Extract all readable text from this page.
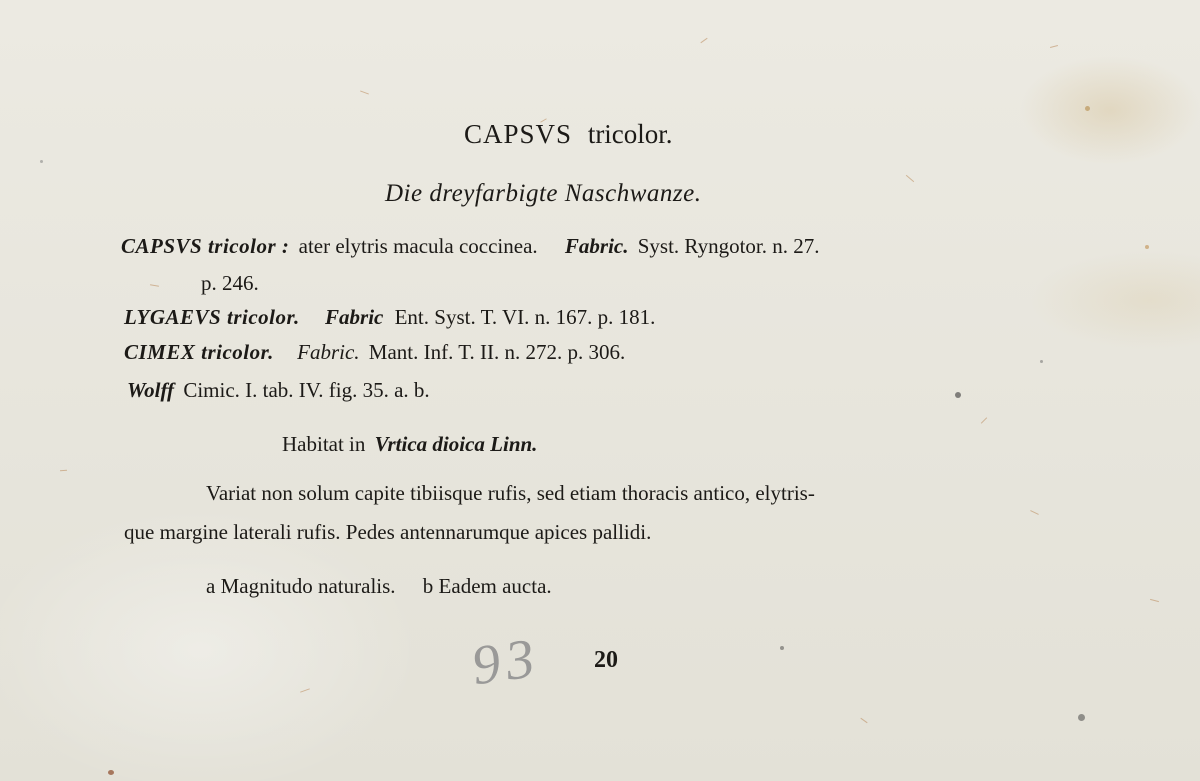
CAPSVS tricolor.
Die dreyfarbigte Naschwanze.
CAPSVS tricolor : ater elytris macula coccinea. Fabric. Syst. Ryngotor. n. 27.
p. 246.
LYGAEVS tricolor. Fabric Ent. Syst. T. VI. n. 167. p. 181.
CIMEX tricolor. Fabric. Mant. Inf. T. II. n. 272. p. 306.
Wolff Cimic. I. tab. IV. fig. 35. a. b.
Habitat in Vrtica dioica Linn.
Variat non solum capite tibiisque rufis, sed etiam thoracis antico, elytris-
que margine laterali rufis. Pedes antennarumque apices pallidi.
a Magnitudo naturalis. b Eadem aucta.
93 20
